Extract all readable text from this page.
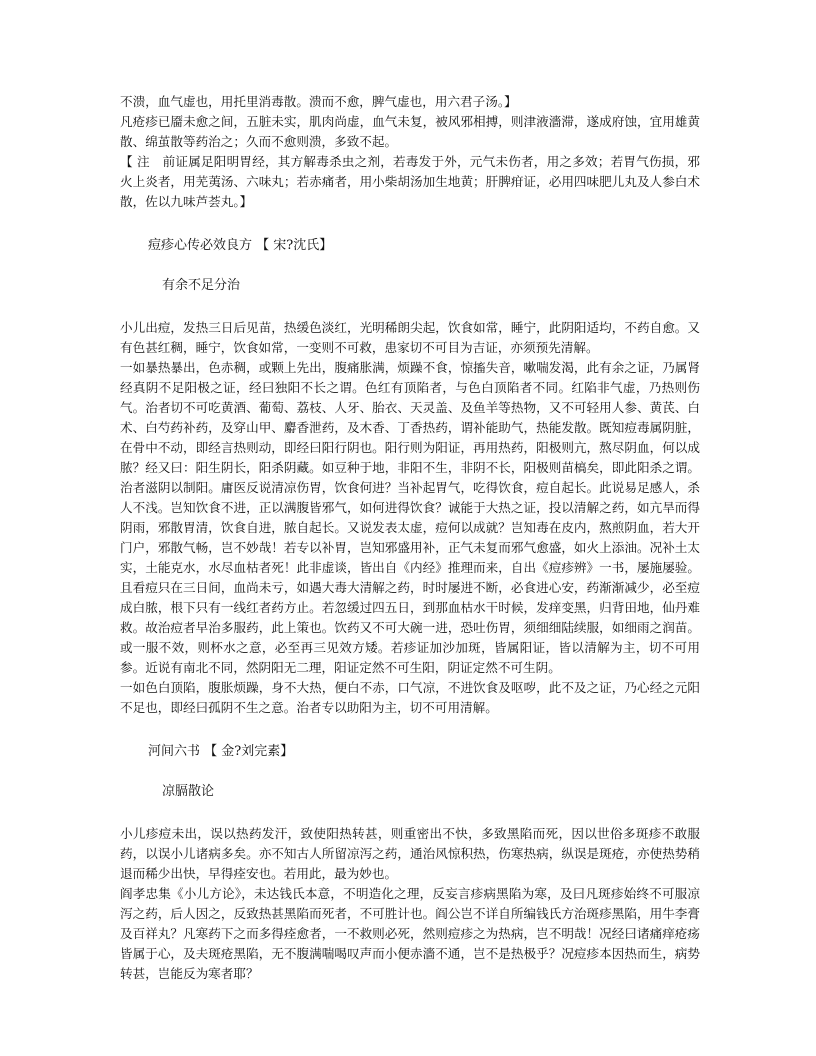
不溃，血气虚也，用托里消毒散。溃而不愈，脾气虚也，用六君子汤。】

凡疮疹已靥未愈之间，五脏未实，肌肉尚虚，血气未复，被风邪相搏，则津液濇滞，遂成府蚀，宜用雄黄散、绵茧散等药治之；久而不愈则溃，多致不起。

【 注　前证属足阳明胃经，其方解毒杀虫之剂，若毒发于外，元气未伤者，用之多效；若胃气伤损，邪火上炎者，用芜荑汤、六味丸；若赤痛者，用小柴胡汤加生地黄；肝脾疳证，必用四味肥儿丸及人参白术散，佐以九味芦荟丸。】

痘疹心传必效良方 【 宋?沈氏】
有余不足分治

小儿出痘，发热三日后见苗，热缓色淡红，光明稀朗尖起，饮食如常，睡宁，此阴阳适均，不药自愈。又有色甚红稠，睡宁，饮食如常，一变则不可救，患家切不可目为吉证，亦须预先清解。

一如暴热暴出，色赤稠，或颗上先出，腹痛胀满，烦躁不食，惊搐失音，嗽喘发渴，此有余之证，乃属肾经真阴不足阳极之证，经曰独阳不长之谓。色红有顶陷者，与色白顶陷者不同。红陷非气虚，乃热则伤气。治者切不可吃黄酒、葡萄、荔枝、人牙、胎衣、天灵盖、及鱼羊等热物，又不可轻用人参、黄芪、白术、白芍药补药，及穿山甲、麝香泄药，及木香、丁香热药，谓补能助气，热能发散。既知痘毒属阴脏，在骨中不动，即经言热则动，即经曰阳行阴也。阳行则为阳证，再用热药，阳极则亢，熬尽阴血，何以成脓？经又曰：阳生阴长，阳杀阴藏。如豆种于地，非阳不生，非阴不长，阳极则苗槁矣，即此阳杀之谓。治者滋阴以制阳。庸医反说清凉伤胃，饮食何进？当补起胃气，吃得饮食，痘自起长。此说易足感人，杀人不浅。岂知饮食不进，正以满腹皆邪气，如何进得饮食？诚能于大热之证，投以清解之药，如亢旱而得阴雨，邪散胃清，饮食自进，脓自起长。又说发表太虚，痘何以成就？岂知毒在皮内，熬煎阴血，若大开门户，邪散气畅，岂不妙哉！若专以补胃，岂知邪盛用补，正气未复而邪气愈盛，如火上添油。况补土太实，土能克水，水尽血枯者死！此非虚谈，皆出自《内经》推理而来，自出《痘疹辨》一书，屡施屡验。且看痘只在三日间，血尚未亏，如遇大毒大清解之药，时时屡进不断，必食进心安，药渐渐减少，必至痘成白脓，根下只有一线红者药方止。若忽缓过四五日，到那血枯水干时候，发痒变黑，归背田地，仙丹难救。故治痘者早治多服药，此上策也。饮药又不可大碗一进，恐吐伤胃，须细细陆续服，如细雨之润苗。或一服不效，则杯水之意，必至再三见效方矮。若疹证加沙加斑，皆属阳证，皆以清解为主，切不可用参。近说有南北不同，然阴阳无二理，阳证定然不可生阳，阴证定然不可生阴。

一如色白顶陷，腹胀烦躁，身不大热，便白不赤，口气凉，不进饮食及呕哕，此不及之证，乃心经之元阳不足也，即经曰孤阴不生之意。治者专以助阳为主，切不可用清解。

河间六书 【 金?刘完素】
凉膈散论

小儿疹痘未出，误以热药发汗，致使阳热转甚，则重密出不快，多致黑陷而死，因以世俗多斑疹不敢服药，以误小儿诸病多矣。亦不知古人所留凉泻之药，通治风惊积热，伤寒热病，纵误是斑疮，亦使热势稍退而稀少出快，早得痊安也。若用此，最为妙也。

阎孝忠集《小儿方论》，未达钱氏本意，不明造化之理，反妄言疹病黑陷为寒，及曰凡斑疹始终不可服凉泻之药，后人因之，反致热甚黑陷而死者，不可胜计也。阎公岂不详自所编钱氏方治斑疹黑陷，用牛李膏及百祥丸？凡寒药下之而多得痊愈者，一不救则必死，然则痘疹之为热病，岂不明哉！况经曰诸痛痒疮疡皆属于心，及夫斑疮黑陷，无不腹满喘喝叹声而小便赤濇不通，岂不是热极乎？况痘疹本因热而生，病势转甚，岂能反为寒者耶？
